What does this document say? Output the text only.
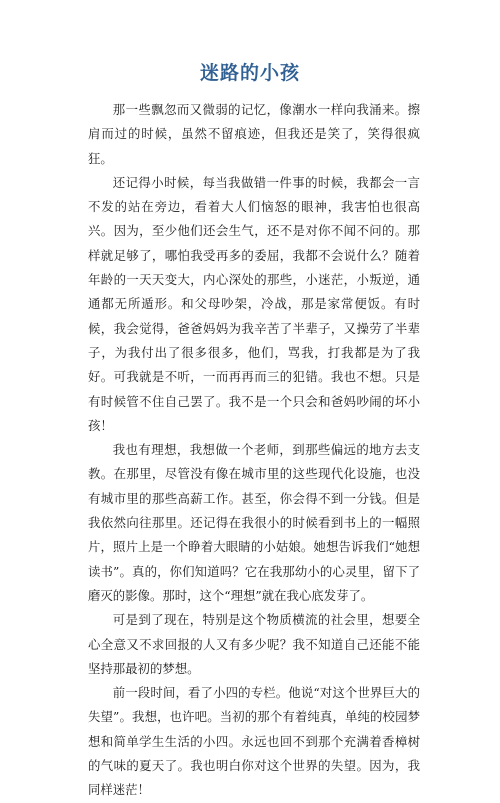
迷路的小孩

那一些飘忽而又微弱的记忆，像潮水一样向我涌来。擦肩而过的时候，虽然不留痕迹，但我还是笑了，笑得很疯狂。

还记得小时候，每当我做错一件事的时候，我都会一言不发的站在旁边，看着大人们恼怒的眼神，我害怕也很高兴。因为，至少他们还会生气，还不是对你不闻不问的。那样就足够了，哪怕我受再多的委屈，我都不会说什么？随着年龄的一天天变大，内心深处的那些，小迷茫，小叛逆，通通都无所遁形。和父母吵架，冷战，那是家常便饭。有时候，我会觉得，爸爸妈妈为我辛苦了半辈子，又操劳了半辈子，为我付出了很多很多，他们，骂我，打我都是为了我好。可我就是不听，一而再再而三的犯错。我也不想。只是有时候管不住自己罢了。我不是一个只会和爸妈吵闹的坏小孩！

我也有理想，我想做一个老师，到那些偏远的地方去支教。在那里，尽管没有像在城市里的这些现代化设施，也没有城市里的那些高薪工作。甚至，你会得不到一分钱。但是我依然向往那里。还记得在我很小的时候看到书上的一幅照片，照片上是一个睁着大眼睛的小姑娘。她想告诉我们“她想读书”。真的，你们知道吗？它在我那幼小的心灵里，留下了磨灭的影像。那时，这个“理想”就在我心底发芽了。

可是到了现在，特别是这个物质横流的社会里，想要全心全意又不求回报的人又有多少呢？我不知道自己还能不能坚持那最初的梦想。

前一段时间，看了小四的专栏。他说“对这个世界巨大的失望”。我想，也许吧。当初的那个有着纯真，单纯的校园梦想和简单学生生活的小四。永远也回不到那个充满着香樟树的气味的夏天了。我也明白你对这个世界的失望。因为，我同样迷茫！
